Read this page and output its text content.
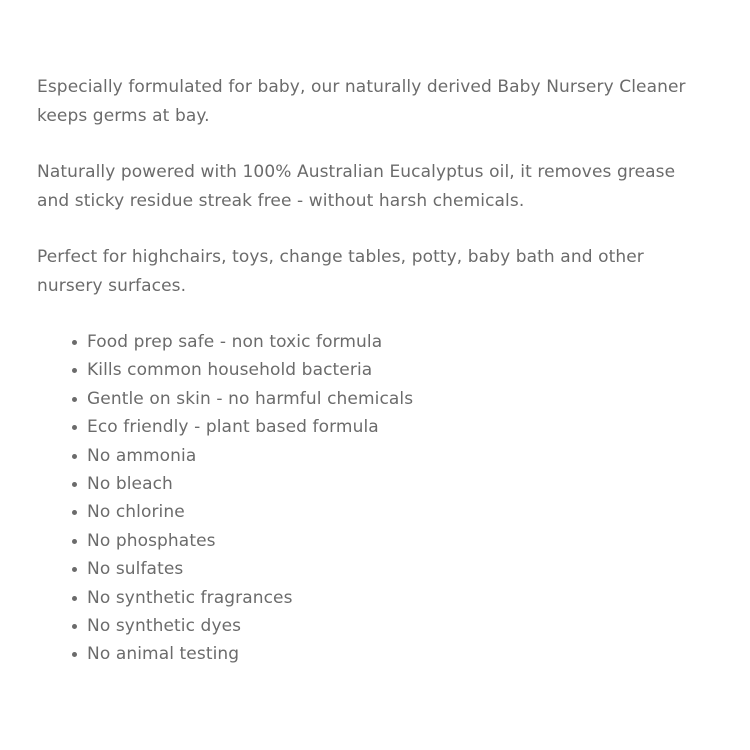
Especially formulated for baby, our naturally derived Baby Nursery Cleaner keeps germs at bay.

Naturally powered with 100% Australian Eucalyptus oil, it removes grease and sticky residue streak free - without harsh chemicals.

Perfect for highchairs, toys, change tables, potty, baby bath and other nursery surfaces.

Food prep safe - non toxic formula
Kills common household bacteria
Gentle on skin - no harmful chemicals
Eco friendly - plant based formula
No ammonia
No bleach
No chlorine
No phosphates
No sulfates
No synthetic fragrances
No synthetic dyes
No animal testing
